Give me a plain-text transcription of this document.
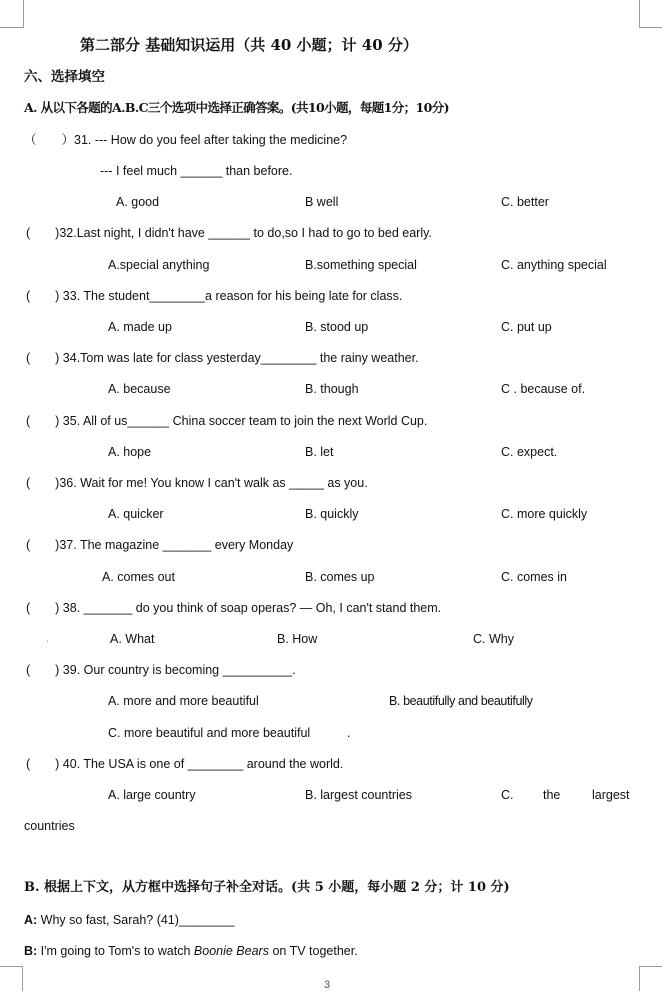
第二部分 基础知识运用（共 40 小题；计 40 分）
六、选择填空
A. 从以下各题的A.B.C三个选项中选择正确答案。(共10小题，每题1分；10分)
（　　）31. --- How do you feel after taking the medicine?
--- I feel much ______ than before.
A. good	B well	C. better
(　　)32.Last night, I didn't have ______ to do,so I had to go to bed early.
A.special anything	B.something special	C. anything special
(　　) 33. The student________a reason for his being late for class.
A. made up	B. stood up	C. put up
(　　) 34.Tom was late for class yesterday________ the rainy weather.
A. because	B. though	C . because of.
(　　) 35. All of us______ China soccer team to join the next World Cup.
A. hope	B. let	C. expect.
(　　)36. Wait for me! You know I can't walk as _____ as you.
A. quicker	B. quickly	C. more quickly
(　　)37. The magazine _______ every Monday
A. comes out	B. comes up	C. comes in
(　　) 38. _______ do you think of soap operas? — Oh, I can't stand them.
.	A. What	B. How	C. Why
(　　) 39. Our country is becoming __________.
A. more and more beautiful	B. beautifully and beautifully
C. more beautiful and more beautiful	.
(　　) 40. The USA is one of ________ around the world.
A. large country	B. largest countries	C. the	largest
countries
B. 根据上下文，从方框中选择句子补全对话。(共 5 小题，每小题 2 分；计 10 分)
A: Why so fast, Sarah? (41)________
B: I'm going to Tom's to watch Boonie Bears on TV together.
3
